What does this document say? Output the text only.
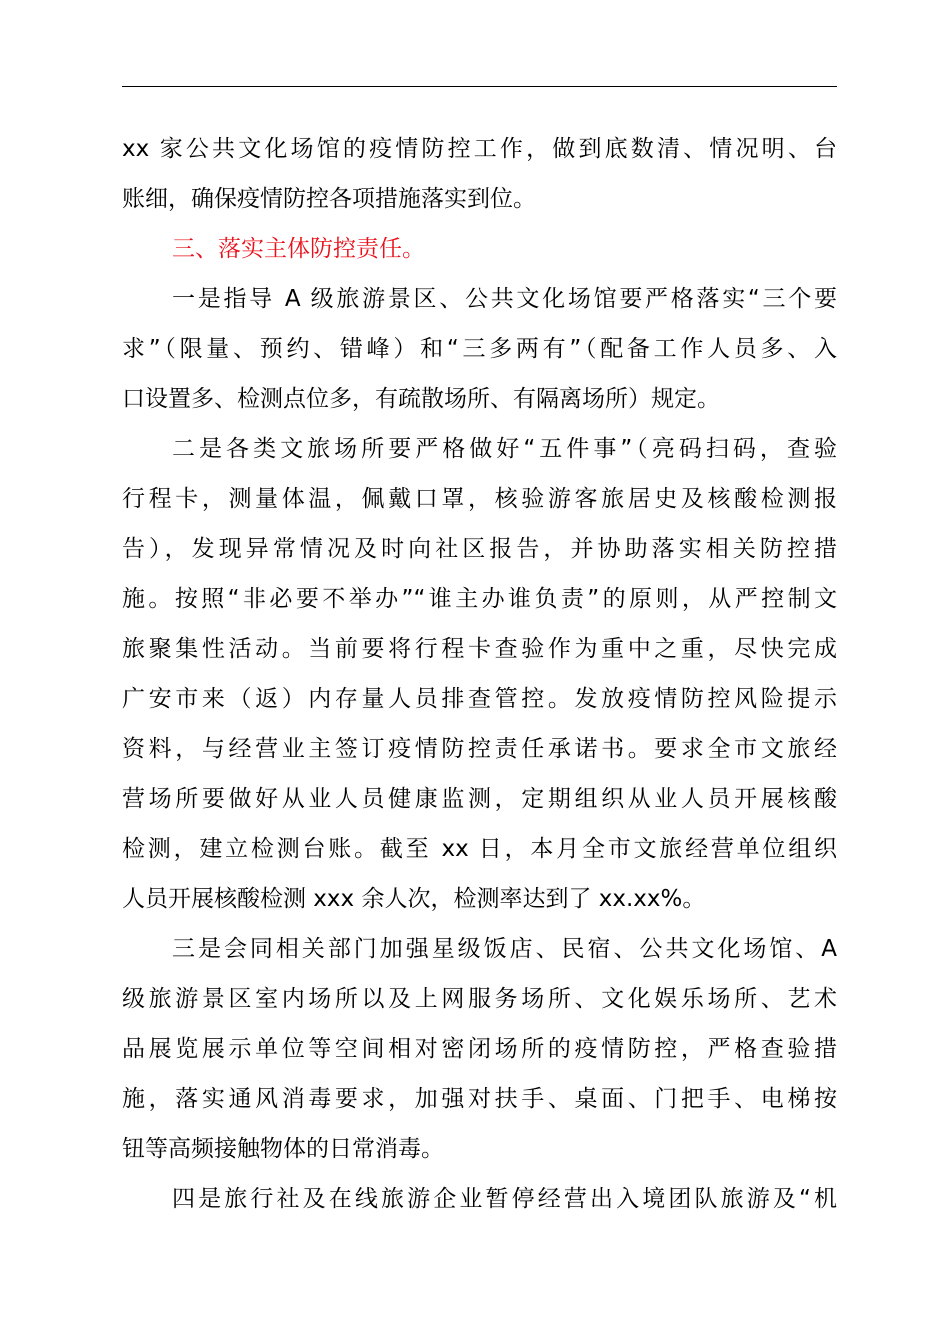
xx 家公共文化场馆的疫情防控工作，做到底数清、情况明、台
账细，确保疫情防控各项措施落实到位。
三、落实主体防控责任。
一是指导 A 级旅游景区、公共文化场馆要严格落实“三个要
求”（限量、预约、错峰）和“三多两有”（配备工作人员多、入
口设置多、检测点位多，有疏散场所、有隔离场所）规定。
二是各类文旅场所要严格做好“五件事”（亮码扫码，查验
行程卡，测量体温，佩戴口罩，核验游客旅居史及核酸检测报
告），发现异常情况及时向社区报告，并协助落实相关防控措
施。按照“非必要不举办”“谁主办谁负责”的原则，从严控制文
旅聚集性活动。当前要将行程卡查验作为重中之重，尽快完成
广安市来（返）内存量人员排查管控。发放疫情防控风险提示
资料，与经营业主签订疫情防控责任承诺书。要求全市文旅经
营场所要做好从业人员健康监测，定期组织从业人员开展核酸
检测，建立检测台账。截至 xx 日，本月全市文旅经营单位组织
人员开展核酸检测 xxx 余人次，检测率达到了 xx.xx%。
三是会同相关部门加强星级饭店、民宿、公共文化场馆、A
级旅游景区室内场所以及上网服务场所、文化娱乐场所、艺术
品展览展示单位等空间相对密闭场所的疫情防控，严格查验措
施，落实通风消毒要求，加强对扶手、桌面、门把手、电梯按
钮等高频接触物体的日常消毒。
四是旅行社及在线旅游企业暂停经营出入境团队旅游及“机
